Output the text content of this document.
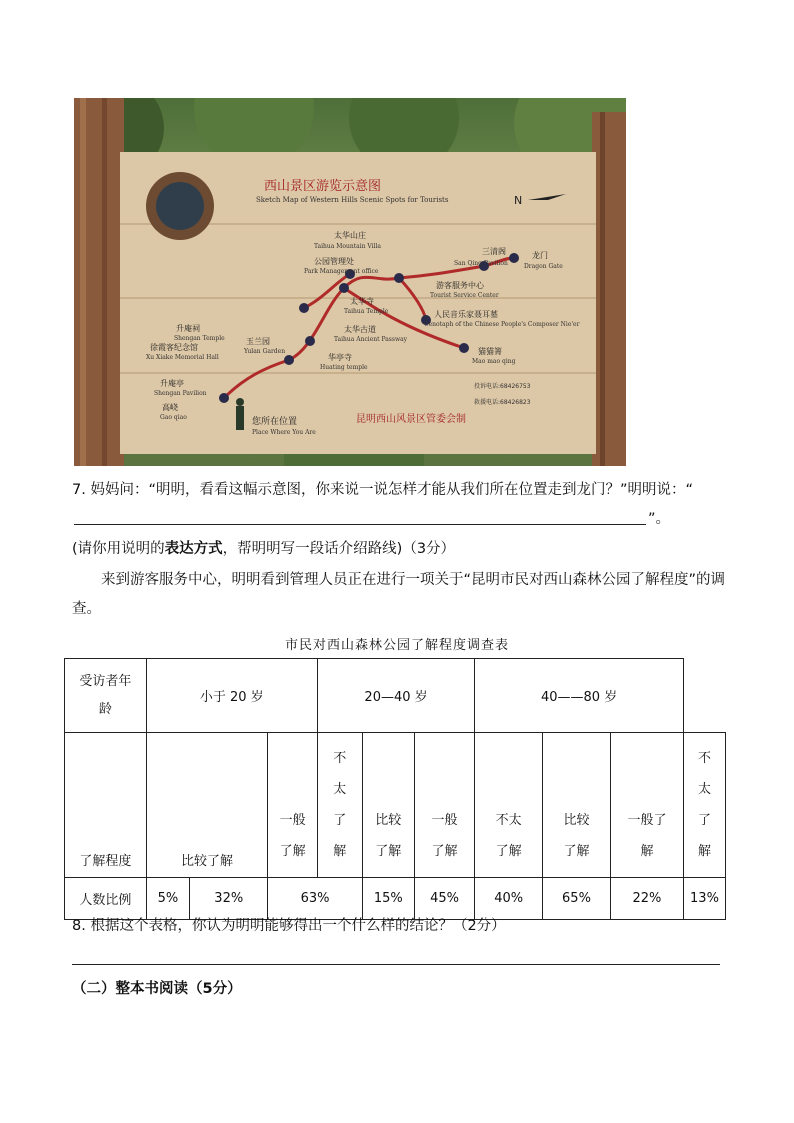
西山景区游览示意图
Sketch Map of Western Hills Scenic Spots for Tourists	N
太华山庄
Taihua Mountain Villa
公园管理处
Park Management office
三清阁
San Qing Pavilion
龙门
Dragon Gate
太华寺
Taihua Temple
游客服务中心
Tourist Service Center
人民音乐家聂耳墓
Cenotaph of the Chinese People's Composer Nie'er
升庵祠
Shengan Temple
徐霞客纪念馆
Xu Xiake Memorial Hall
玉兰园
Yulan Garden
太华古道
Taihua Ancient Passway
华亭寺
Huating temple
猫猫箐
Mao mao qing
升庵亭
Shengan Pavilion
高峣
Gao qiao	您所在位置
Place Where You Are
投诉电话:68426753
救援电话:68426823
昆明西山风景区管委会制

7. 妈妈问：“明明，看看这幅示意图，你来说一说怎样才能从我们所在位置走到龙门？”明明说：“”。

(请你用说明的表达方式，帮明明写一段话介绍路线)（3分）

来到游客服务中心，明明看到管理人员正在进行一项关于“昆明市民对西山森林公园了解程度”的调查。

市民对西山森林公园了解程度调查表
受访者年龄	小于 20 岁			20—40 岁			40——80 岁			
了解程度	比较了解		一般了解	不太了解	比较了解	一般了解	不太了解	比较了解	一般了解	不太了解
人数比例	5%	32%	63%		15%	45%	40%	65%	22%	13%

8. 根据这个表格，你认为明明能够得出一个什么样的结论？（2分）

（二）整本书阅读（5分）
